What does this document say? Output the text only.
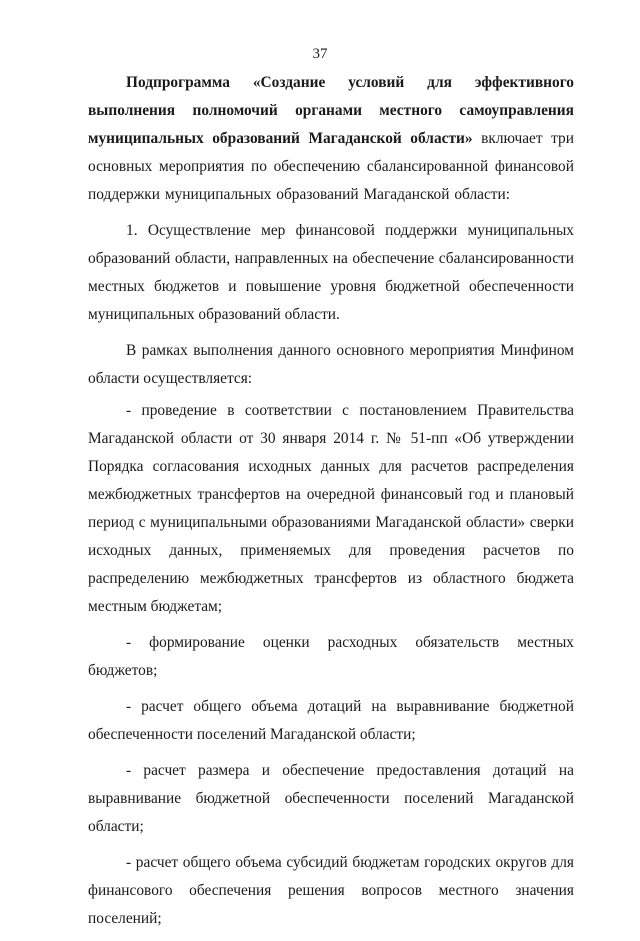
37

Подпрограмма «Создание условий для эффективного выполнения полномочий органами местного самоуправления муниципальных образований Магаданской области» включает три основных мероприятия по обеспечению сбалансированной финансовой поддержки муниципальных образований Магаданской области:

1. Осуществление мер финансовой поддержки муниципальных образований области, направленных на обеспечение сбалансированности местных бюджетов и повышение уровня бюджетной обеспеченности муниципальных образований области.

В рамках выполнения данного основного мероприятия Минфином области осуществляется:

- проведение в соответствии с постановлением Правительства Магаданской области от 30 января 2014 г. № 51-пп «Об утверждении Порядка согласования исходных данных для расчетов распределения межбюджетных трансфертов на очередной финансовый год и плановый период с муниципальными образованиями Магаданской области» сверки исходных данных, применяемых для проведения расчетов по распределению межбюджетных трансфертов из областного бюджета местным бюджетам;

- формирование оценки расходных обязательств местных бюджетов;

- расчет общего объема дотаций на выравнивание бюджетной обеспеченности поселений Магаданской области;

- расчет размера и обеспечение предоставления дотаций на выравнивание бюджетной обеспеченности поселений Магаданской области;

- расчет общего объема субсидий бюджетам городских округов для финансового обеспечения решения вопросов местного значения поселений;
